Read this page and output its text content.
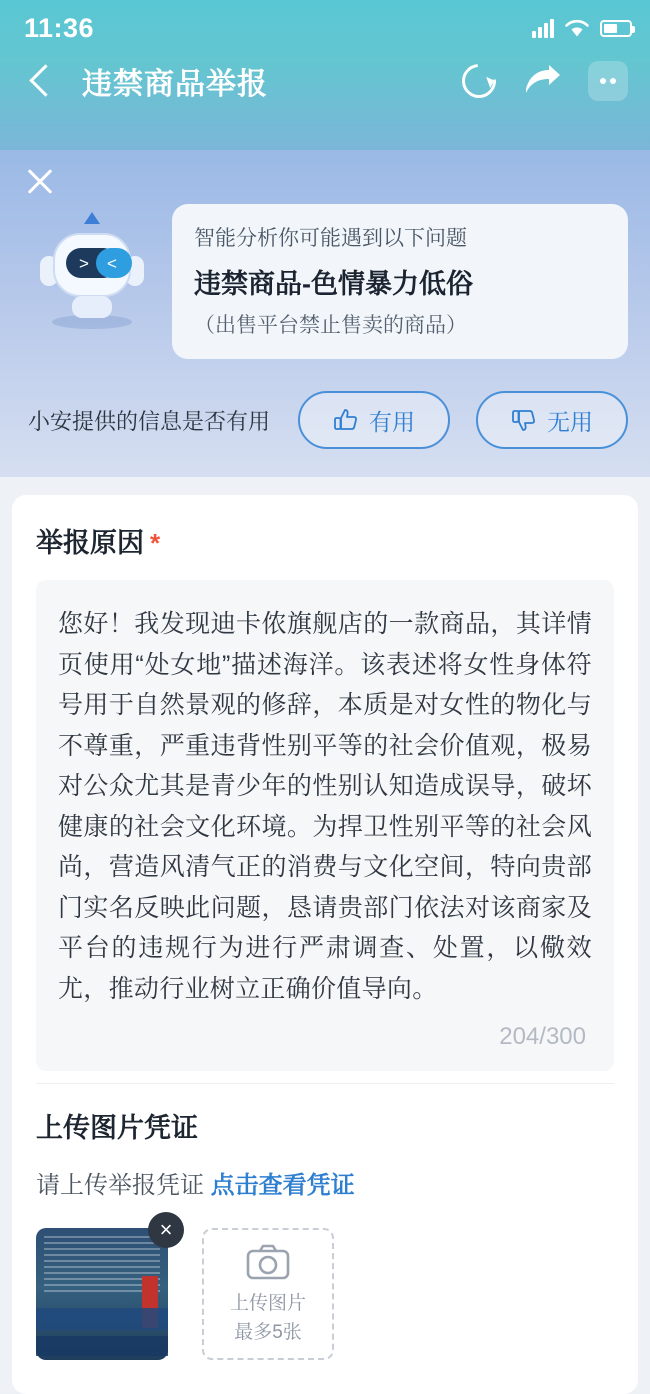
11:36
违禁商品举报
> <
智能分析你可能遇到以下问题
违禁商品-色情暴力低俗
（出售平台禁止售卖的商品）
小安提供的信息是否有用	有用	无用
举报原因 *

您好！我发现迪卡侬旗舰店的一款商品，其详情页使用“处女地”描述海洋。该表述将女性身体符号用于自然景观的修辞，本质是对女性的物化与不尊重，严重违背性别平等的社会价值观，极易对公众尤其是青少年的性别认知造成误导，破坏健康的社会文化环境。为捍卫性别平等的社会风尚，营造风清气正的消费与文化空间，特向贵部门实名反映此问题，恳请贵部门依法对该商家及平台的违规行为进行严肃调查、处置，以儆效尤，推动行业树立正确价值导向。

204/300
上传图片凭证
请上传举报凭证 点击查看凭证
×
上传图片
最多5张
